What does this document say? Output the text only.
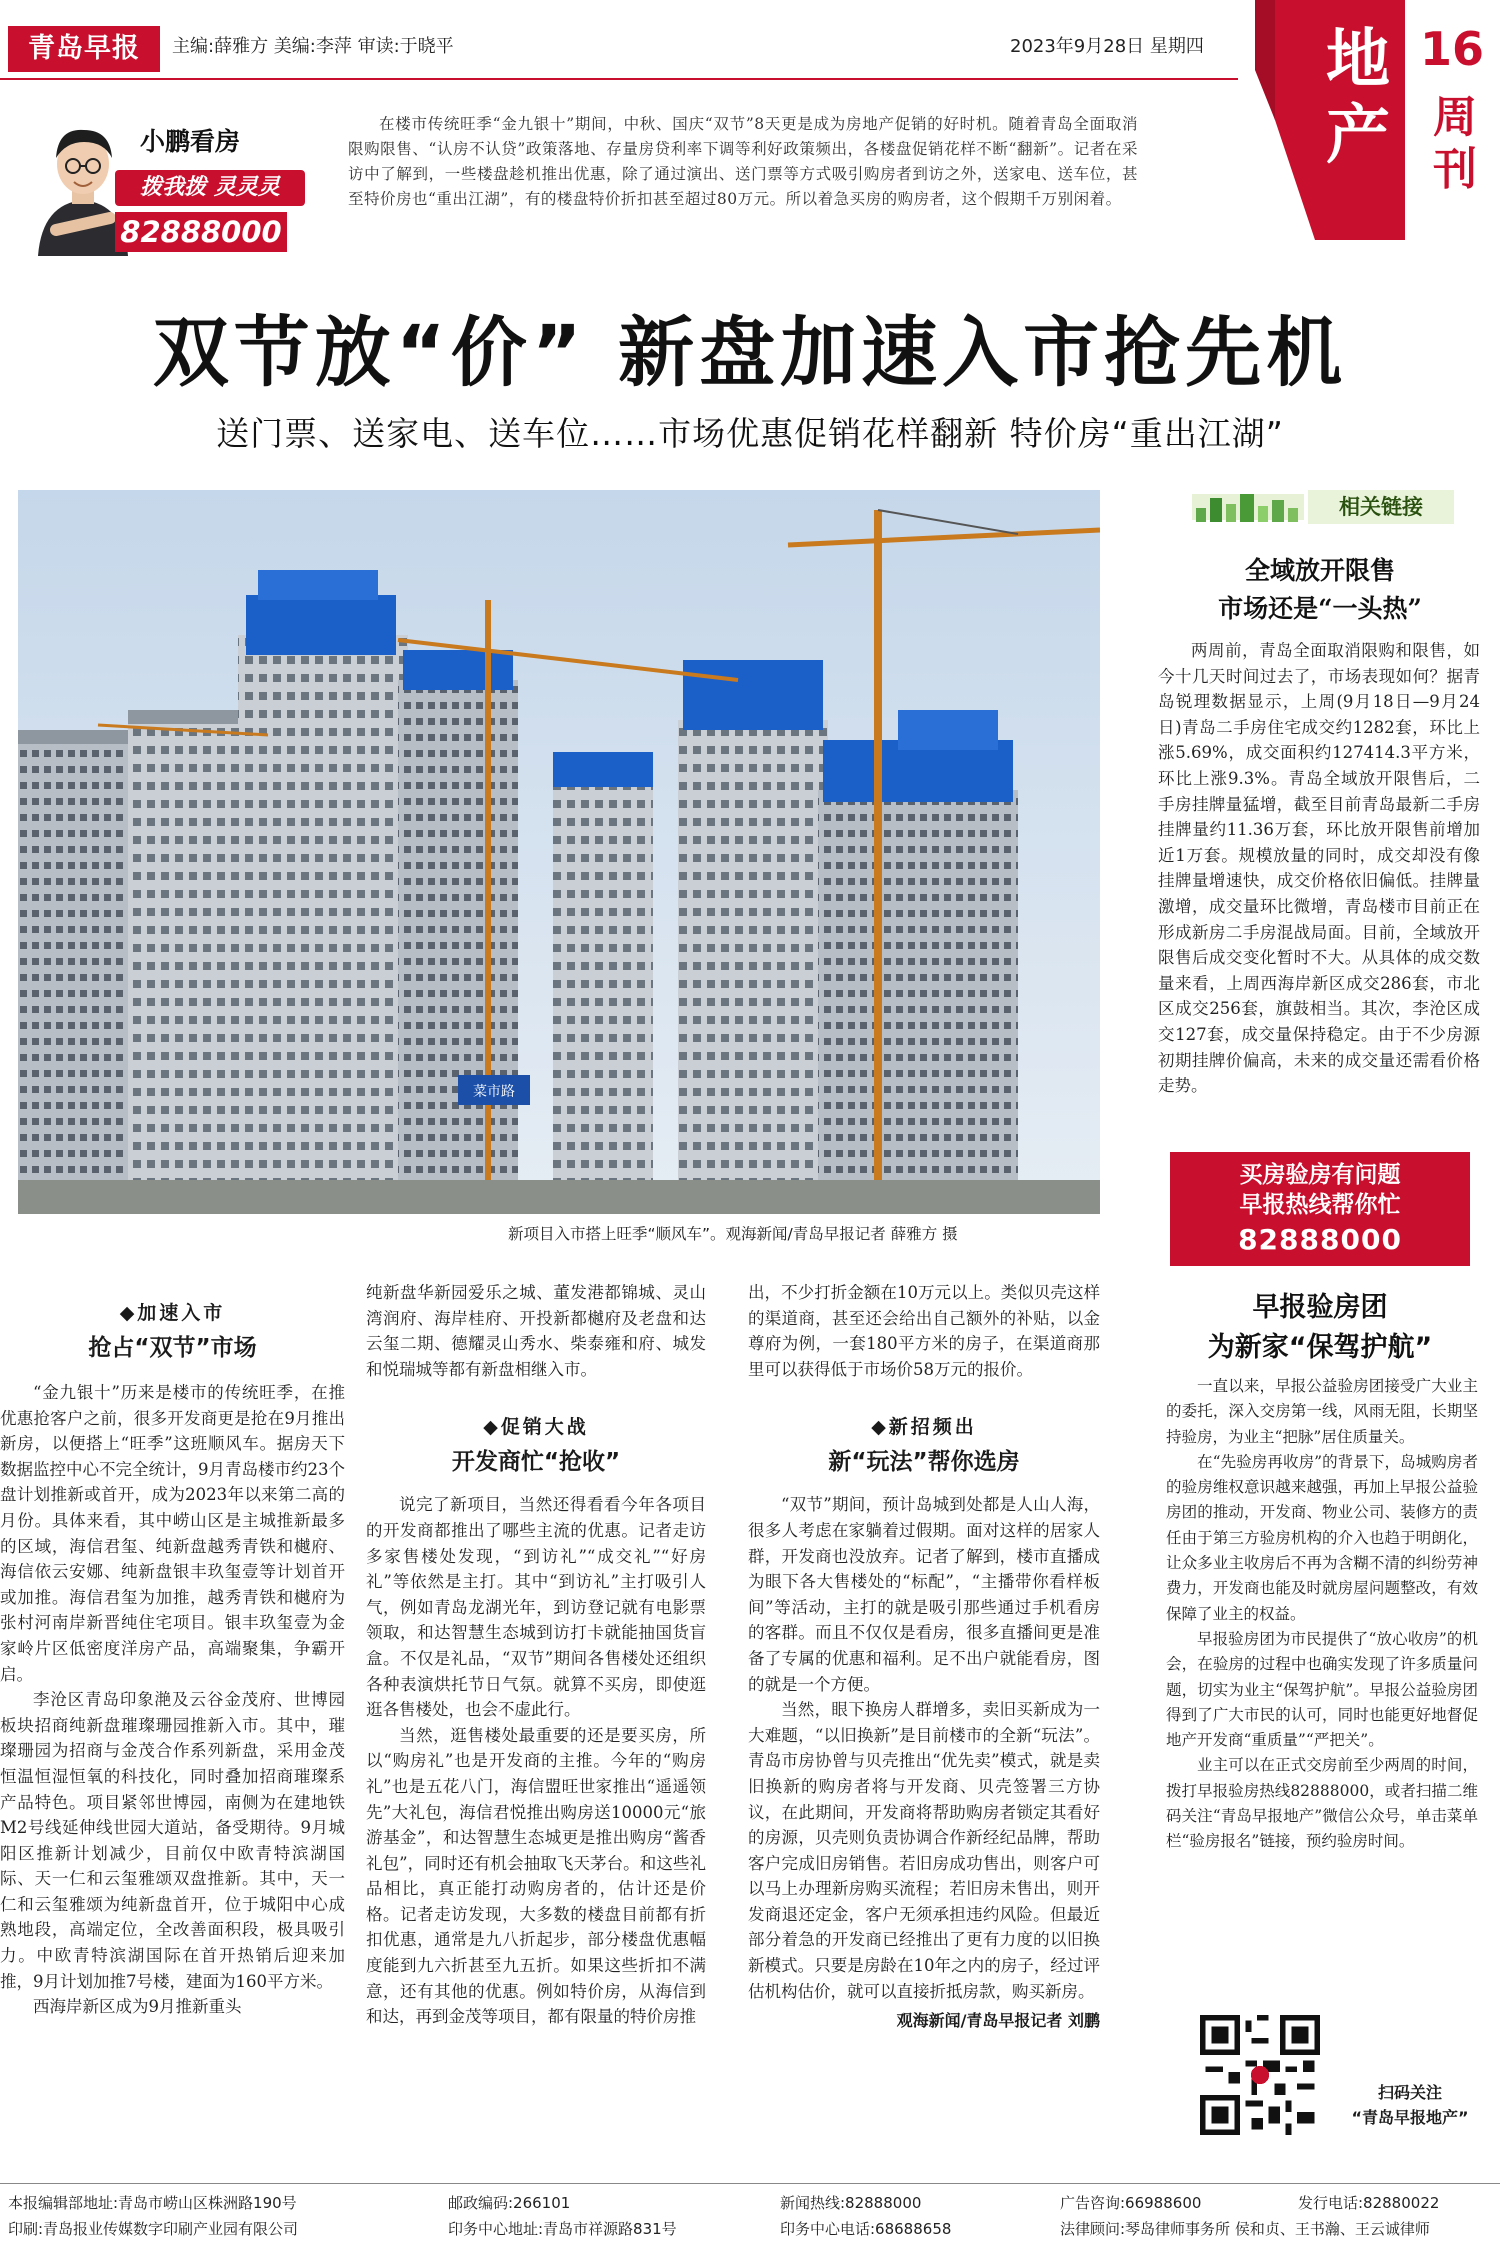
青岛早报	主编:薛雅方 美编:李萍 审读:于晓平	2023年9月28日 星期四 地产
16
周刊
小鹏看房
拨我拨 灵灵灵
82888000
在楼市传统旺季“金九银十”期间，中秋、国庆“双节”8天更是成为房地产促销的好时机。随着青岛全面取消限购限售、“认房不认贷”政策落地、存量房贷利率下调等利好政策频出，各楼盘促销花样不断“翻新”。记者在采访中了解到，一些楼盘趁机推出优惠，除了通过演出、送门票等方式吸引购房者到访之外，送家电、送车位，甚至特价房也“重出江湖”，有的楼盘特价折扣甚至超过80万元。所以着急买房的购房者，这个假期千万别闲着。
双节放“价” 新盘加速入市抢先机
送门票、送家电、送车位……市场优惠促销花样翻新 特价房“重出江湖”
菜市路
新项目入市搭上旺季“顺风车”。观海新闻/青岛早报记者 薛雅方 摄
相关链接
全域放开限售
市场还是“一头热”

两周前，青岛全面取消限购和限售，如今十几天时间过去了，市场表现如何？据青岛锐理数据显示，上周(9月18日—9月24日)青岛二手房住宅成交约1282套，环比上涨5.69%，成交面积约127414.3平方米，环比上涨9.3%。青岛全域放开限售后，二手房挂牌量猛增，截至目前青岛最新二手房挂牌量约11.36万套，环比放开限售前增加近1万套。规模放量的同时，成交却没有像挂牌量增速快，成交价格依旧偏低。挂牌量激增，成交量环比微增，青岛楼市目前正在形成新房二手房混战局面。目前，全域放开限售后成交变化暂时不大。从具体的成交数量来看，上周西海岸新区成交286套，市北区成交256套，旗鼓相当。其次，李沧区成交127套，成交量保持稳定。由于不少房源初期挂牌价偏高，未来的成交量还需看价格走势。

买房验房有问题
早报热线帮你忙
82888000
早报验房团
为新家“保驾护航”

一直以来，早报公益验房团接受广大业主的委托，深入交房第一线，风雨无阻，长期坚持验房，为业主“把脉”居住质量关。

在“先验房再收房”的背景下，岛城购房者的验房维权意识越来越强，再加上早报公益验房团的推动，开发商、物业公司、装修方的责任由于第三方验房机构的介入也趋于明朗化，让众多业主收房后不再为含糊不清的纠纷劳神费力，开发商也能及时就房屋问题整改，有效保障了业主的权益。

早报验房团为市民提供了“放心收房”的机会，在验房的过程中也确实发现了许多质量问题，切实为业主“保驾护航”。早报公益验房团得到了广大市民的认可，同时也能更好地督促地产开发商“重质量”“严把关”。

业主可以在正式交房前至少两周的时间，拨打早报验房热线82888000，或者扫描二维码关注“青岛早报地产”微信公众号，单击菜单栏“验房报名”链接，预约验房时间。

扫码关注
“青岛早报地产”
◆加速入市
抢占“双节”市场

“金九银十”历来是楼市的传统旺季，在推优惠抢客户之前，很多开发商更是抢在9月推出新房，以便搭上“旺季”这班顺风车。据房天下数据监控中心不完全统计，9月青岛楼市约23个盘计划推新或首开，成为2023年以来第二高的月份。具体来看，其中崂山区是主城推新最多的区域，海信君玺、纯新盘越秀青铁和樾府、海信依云安娜、纯新盘银丰玖玺壹等计划首开或加推。海信君玺为加推，越秀青铁和樾府为张村河南岸新晋纯住宅项目。银丰玖玺壹为金家岭片区低密度洋房产品，高端聚集，争霸开启。

李沧区青岛印象滟及云谷金茂府、世博园板块招商纯新盘璀璨珊园推新入市。其中，璀璨珊园为招商与金茂合作系列新盘，采用金茂恒温恒湿恒氧的科技化，同时叠加招商璀璨系产品特色。项目紧邻世博园，南侧为在建地铁M2号线延伸线世园大道站，备受期待。9月城阳区推新计划减少，目前仅中欧青特滨湖国际、天一仁和云玺雅颂双盘推新。其中，天一仁和云玺雅颂为纯新盘首开，位于城阳中心成熟地段，高端定位，全改善面积段，极具吸引力。中欧青特滨湖国际在首开热销后迎来加推，9月计划加推7号楼，建面为160平方米。

西海岸新区成为9月推新重头

纯新盘华新园爱乐之城、董发港都锦城、灵山湾润府、海岸桂府、开投新都樾府及老盘和达云玺二期、德耀灵山秀水、柴泰雍和府、城发和悦瑞城等都有新盘相继入市。

◆促销大战
开发商忙“抢收”

说完了新项目，当然还得看看今年各项目的开发商都推出了哪些主流的优惠。记者走访多家售楼处发现，“到访礼”“成交礼”“好房礼”等依然是主打。其中“到访礼”主打吸引人气，例如青岛龙湖光年，到访登记就有电影票领取，和达智慧生态城到访打卡就能抽国货盲盒。不仅是礼品，“双节”期间各售楼处还组织各种表演烘托节日气氛。就算不买房，即使逛逛各售楼处，也会不虚此行。

当然，逛售楼处最重要的还是要买房，所以“购房礼”也是开发商的主推。今年的“购房礼”也是五花八门，海信盟旺世家推出“遥遥领先”大礼包，海信君悦推出购房送10000元“旅游基金”，和达智慧生态城更是推出购房“酱香礼包”，同时还有机会抽取飞天茅台。和这些礼品相比，真正能打动购房者的，估计还是价格。记者走访发现，大多数的楼盘目前都有折扣优惠，通常是九八折起步，部分楼盘优惠幅度能到九六折甚至九五折。如果这些折扣不满意，还有其他的优惠。例如特价房，从海信到和达，再到金茂等项目，都有限量的特价房推

出，不少打折金额在10万元以上。类似贝壳这样的渠道商，甚至还会给出自己额外的补贴，以金尊府为例，一套180平方米的房子，在渠道商那里可以获得低于市场价58万元的报价。

◆新招频出
新“玩法”帮你选房

“双节”期间，预计岛城到处都是人山人海，很多人考虑在家躺着过假期。面对这样的居家人群，开发商也没放弃。记者了解到，楼市直播成为眼下各大售楼处的“标配”，“主播带你看样板间”等活动，主打的就是吸引那些通过手机看房的客群。而且不仅仅是看房，很多直播间更是准备了专属的优惠和福利。足不出户就能看房，图的就是一个方便。

当然，眼下换房人群增多，卖旧买新成为一大难题，“以旧换新”是目前楼市的全新“玩法”。青岛市房协曾与贝壳推出“优先卖”模式，就是卖旧换新的购房者将与开发商、贝壳签署三方协议，在此期间，开发商将帮助购房者锁定其看好的房源，贝壳则负责协调合作新经纪品牌，帮助客户完成旧房销售。若旧房成功售出，则客户可以马上办理新房购买流程；若旧房未售出，则开发商退还定金，客户无须承担违约风险。但最近部分着急的开发商已经推出了更有力度的以旧换新模式。只要是房龄在10年之内的房子，经过评估机构估价，就可以直接折抵房款，购买新房。

观海新闻/青岛早报记者 刘鹏
本报编辑部地址:青岛市崂山区株洲路190号	邮政编码:266101	新闻热线:82888000	广告咨询:66988600	发行电话:82880022
印刷:青岛报业传媒数字印刷产业园有限公司	印务中心地址:青岛市祥源路831号	印务中心电话:68688658	法律顾问:琴岛律师事务所 侯和贞、王书瀚、王云诚律师
